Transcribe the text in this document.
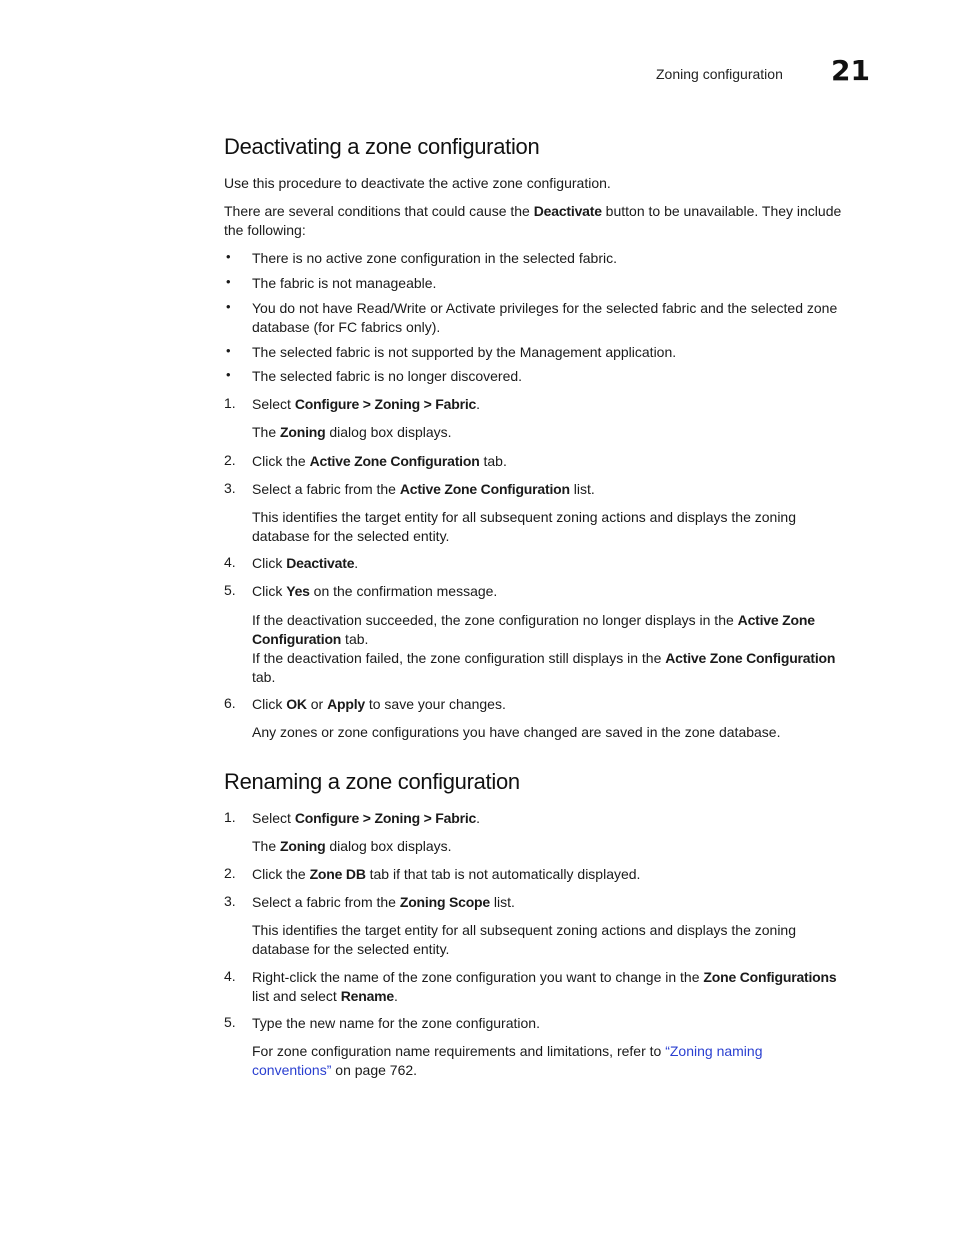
Zoning configuration 21
Deactivating a zone configuration

Use this procedure to deactivate the active zone configuration.

There are several conditions that could cause the Deactivate button to be unavailable. They include
the following:

• There is no active zone configuration in the selected fabric.

• The fabric is not manageable.

• You do not have Read/Write or Activate privileges for the selected fabric and the selected zone
database (for FC fabrics only).

• The selected fabric is not supported by the Management application.

• The selected fabric is no longer discovered.

1. Select Configure > Zoning > Fabric.

The Zoning dialog box displays.

2. Click the Active Zone Configuration tab.

3. Select a fabric from the Active Zone Configuration list.

This identifies the target entity for all subsequent zoning actions and displays the zoning
database for the selected entity.

4. Click Deactivate.

5. Click Yes on the confirmation message.

If the deactivation succeeded, the zone configuration no longer displays in the Active Zone
Configuration tab.
If the deactivation failed, the zone configuration still displays in the Active Zone Configuration
tab.

6. Click OK or Apply to save your changes.

Any zones or zone configurations you have changed are saved in the zone database.

Renaming a zone configuration
1. Select Configure > Zoning > Fabric.

The Zoning dialog box displays.

2. Click the Zone DB tab if that tab is not automatically displayed.

3. Select a fabric from the Zoning Scope list.

This identifies the target entity for all subsequent zoning actions and displays the zoning
database for the selected entity.

4. Right-click the name of the zone configuration you want to change in the Zone Configurations
list and select Rename.

5. Type the new name for the zone configuration.

For zone configuration name requirements and limitations, refer to “Zoning naming
conventions” on page 762.
